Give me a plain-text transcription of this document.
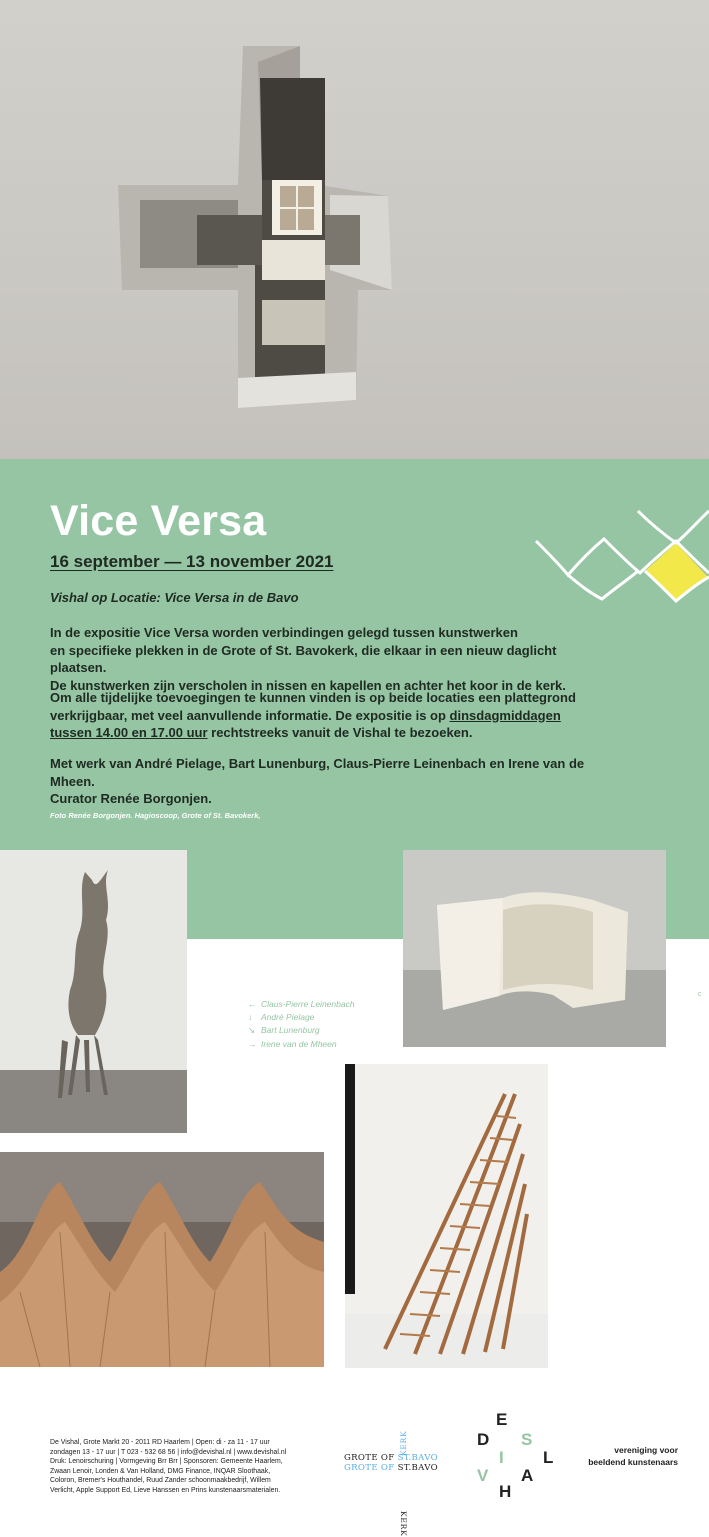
Vice Versa
16 september — 13 november 2021
Vishal op Locatie: Vice Versa in de Bavo
In de expositie Vice Versa worden verbindingen gelegd tussen kunstwerken
en specifieke plekken in de Grote of St. Bavokerk, die elkaar in een nieuw daglicht plaatsen.
De kunstwerken zijn verscholen in nissen en kapellen en achter het koor in de kerk.
Om alle tijdelijke toevoegingen te kunnen vinden is op beide locaties een plattegrond
verkrijgbaar, met veel aanvullende informatie. De expositie is op dinsdagmiddagen
tussen 14.00 en 17.00 uur rechtstreeks vanuit de Vishal te bezoeken.
Met werk van André Pielage, Bart Lunenburg, Claus-Pierre Leinenbach en Irene van de Mheen.
Curator Renée Borgonjen.
Foto Renée Borgonjen. Hagioscoop, Grote of St. Bavokerk,
← Claus-Pierre Leinenbach
↓	André Pielage
↘ Bart Lunenburg
→ Irene van de Mheen
c
De Vishal, Grote Markt 20 - 2011 RD Haarlem | Open: di - za 11 - 17 uur
zondagen 13 - 17 uur | T 023 - 532 68 56 | info@devishal.nl | www.devishal.nl
Druk: Lenoirschuring | Vormgeving Brr Brr | Sponsoren: Gemeente Haarlem,
Zwaan Lenoir, Londen & Van Holland, DMG Finance, INQAR Sloothaak,
Coloron, Bremer's Houthandel, Ruud Zander schoonmaakbedrijf, Willem
Verlicht, Apple Support Ed, Lieve Hanssen en Prins kunstenaarsmaterialen.
GROTE OF ST.BAVO
GROTE OF ST.BAVO
KERK
KERK
E
D S
I L
V A
H
vereniging voor
beeldend kunstenaars
